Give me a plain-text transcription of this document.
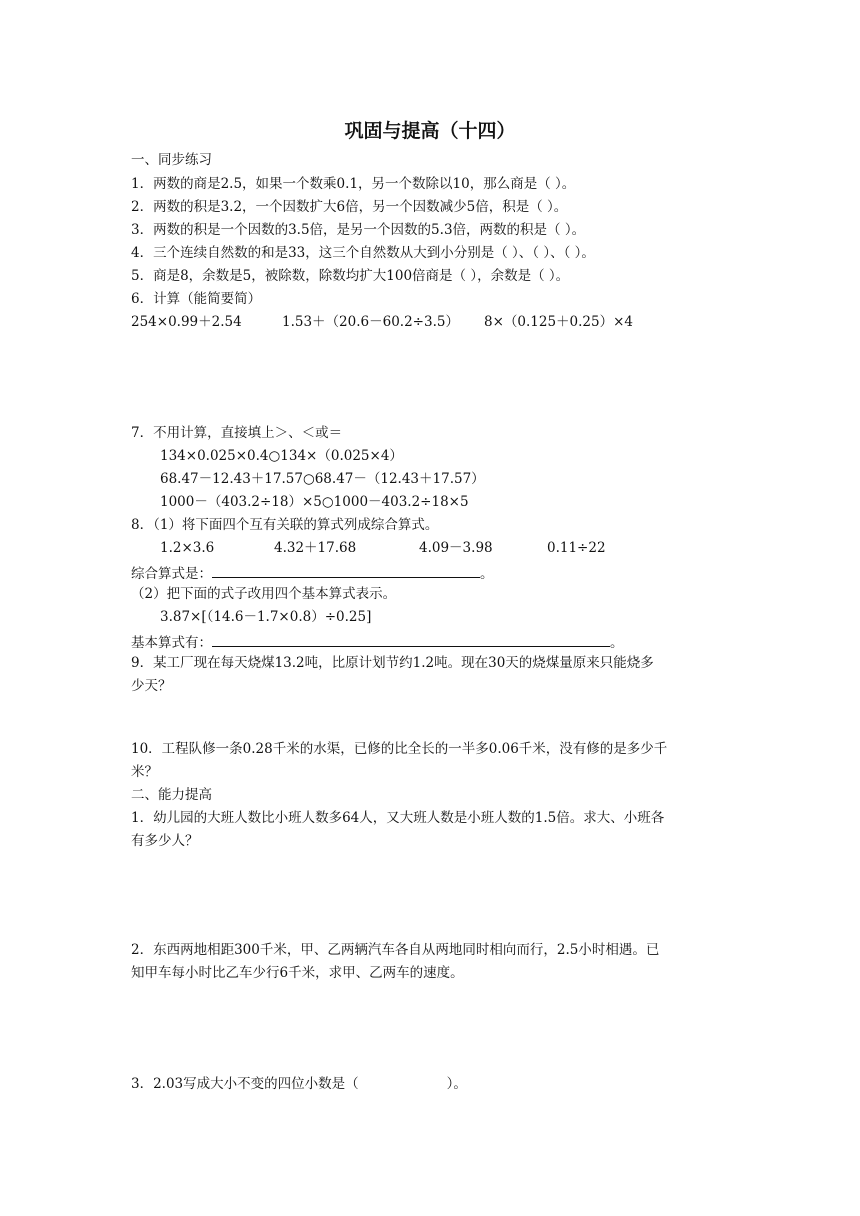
巩固与提高（十四）
一、同步练习
1．两数的商是2.5，如果一个数乘0.1，另一个数除以10，那么商是（ ）。
2．两数的积是3.2，一个因数扩大6倍，另一个因数减少5倍，积是（ ）。
3．两数的积是一个因数的3.5倍，是另一个因数的5.3倍，两数的积是（ ）。
4．三个连续自然数的和是33，这三个自然数从大到小分别是（ ）、（ ）、（ ）。
5．商是8，余数是5，被除数，除数均扩大100倍商是（ ），余数是（ ）。
6．计算（能简要简）
254×0.99＋2.54	1.53＋（20.6－60.2÷3.5） 8×（0.125＋0.25）×4
7．不用计算，直接填上＞、＜或＝
134×0.025×0.4○134×（0.025×4）
68.47－12.43＋17.57○68.47－（12.43＋17.57）
1000－（403.2÷18）×5○1000－403.2÷18×5
8．（1）将下面四个互有关联的算式列成综合算式。
1.2×3.6	4.32＋17.68	4.09－3.98	0.11÷22
综合算式是：	。
（2）把下面的式子改用四个基本算式表示。
3.87×[（14.6－1.7×0.8）÷0.25]
基本算式有：	。
9．某工厂现在每天烧煤13.2吨，比原计划节约1.2吨。现在30天的烧煤量原来只能烧多
少天？
10．工程队修一条0.28千米的水渠，已修的比全长的一半多0.06千米，没有修的是多少千
米？
二、能力提高
1．幼儿园的大班人数比小班人数多64人，又大班人数是小班人数的1.5倍。求大、小班各
有多少人？
2．东西两地相距300千米，甲、乙两辆汽车各自从两地同时相向而行，2.5小时相遇。已
知甲车每小时比乙车少行6千米，求甲、乙两车的速度。
3．2.03写成大小不变的四位小数是（	）。
